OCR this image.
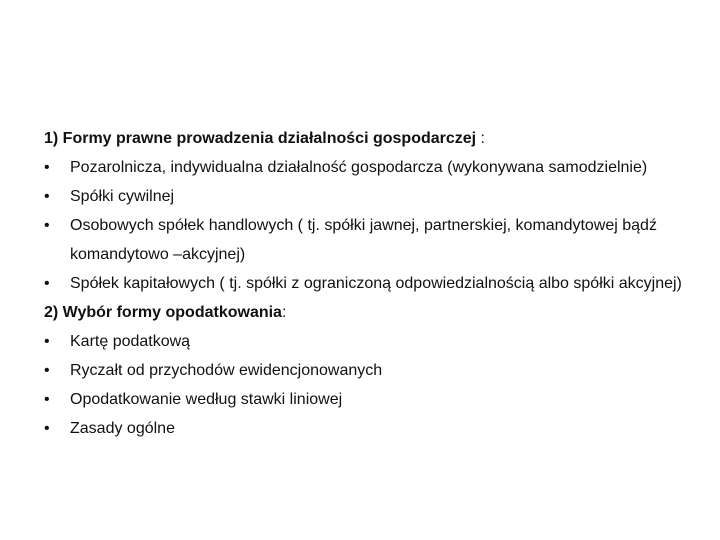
1) Formy prawne prowadzenia działalności gospodarczej :
•	Pozarolnicza, indywidualna działalność gospodarcza (wykonywana samodzielnie)
•	Spółki cywilnej
•	Osobowych spółek handlowych ( tj. spółki jawnej, partnerskiej, komandytowej bądź komandytowo –akcyjnej)
•	Spółek kapitałowych ( tj. spółki z ograniczoną odpowiedzialnością albo spółki akcyjnej)
2) Wybór formy opodatkowania:
•	Kartę podatkową
•	Ryczałt od przychodów ewidencjonowanych
•	Opodatkowanie według stawki liniowej
•	Zasady ogólne
